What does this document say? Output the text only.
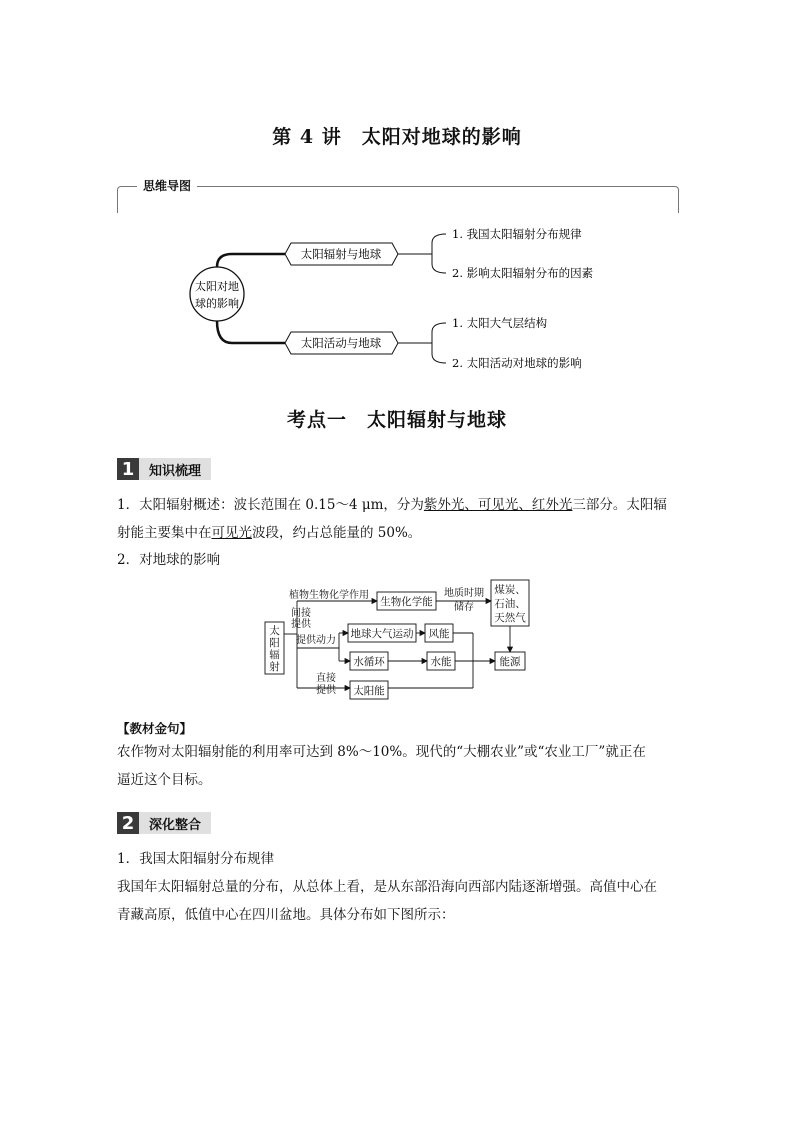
第 4 讲　太阳对地球的影响
思维导图
太阳对地
球的影响
太阳辐射与地球
太阳活动与地球
1. 我国太阳辐射分布规律
2. 影响太阳辐射分布的因素
1. 太阳大气层结构
2. 太阳活动对地球的影响
考点一　太阳辐射与地球
1	知识梳理
1．太阳辐射概述：波长范围在 0.15～4 μm，分为紫外光、可见光、红外光三部分。太阳辐
射能主要集中在可见光波段，约占总能量的 50%。
2．对地球的影响
太
阳
辐
射
间接
提供
提供动力
直接
提供
植物生物化学作用
生物化学能
地质时期
储存
煤炭、
石油、
天然气
地球大气运动 风能
水循环	水能	能源
太阳能
【教材金句】
农作物对太阳辐射能的利用率可达到 8%～10%。现代的“大棚农业”或“农业工厂”就正在
逼近这个目标。
2	深化整合
1．我国太阳辐射分布规律
我国年太阳辐射总量的分布，从总体上看，是从东部沿海向西部内陆逐渐增强。高值中心在
青藏高原，低值中心在四川盆地。具体分布如下图所示：
